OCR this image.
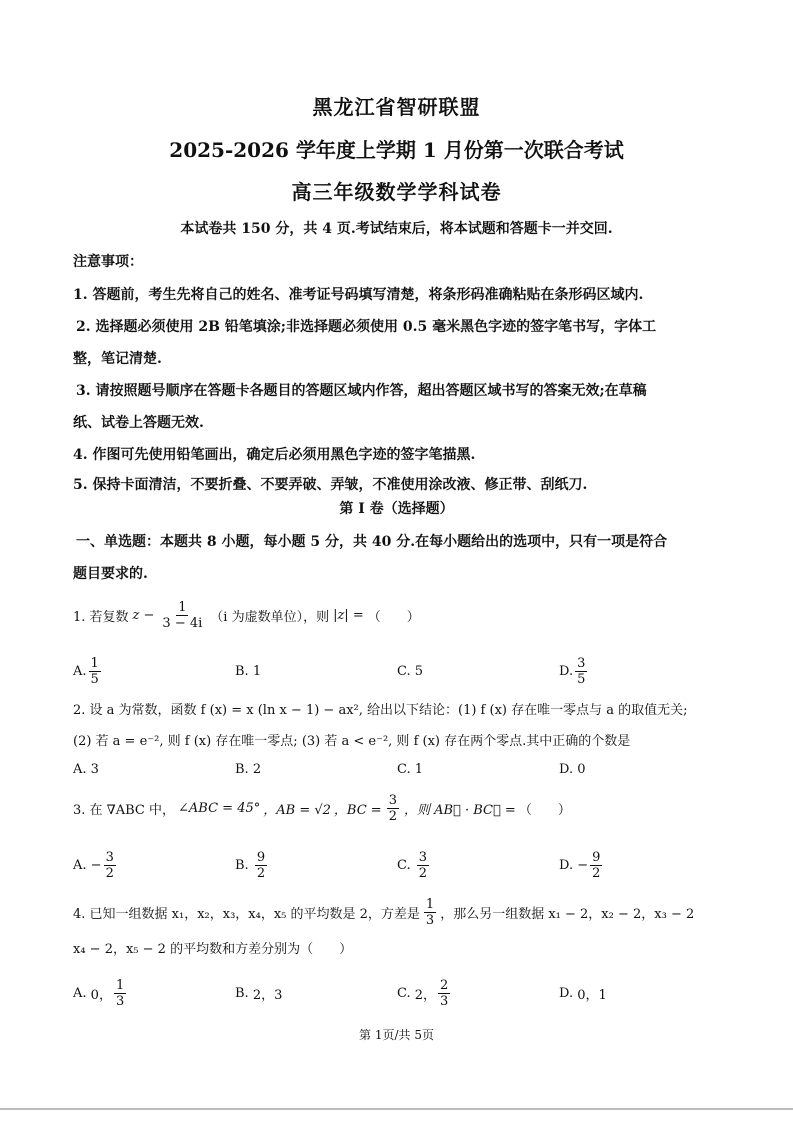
黑龙江省智研联盟
2025-2026 学年度上学期 1 月份第一次联合考试
高三年级数学学科试卷
本试卷共 150 分，共 4 页.考试结束后，将本试题和答题卡一并交回.
注意事项：
1. 答题前，考生先将自己的姓名、准考证号码填写清楚，将条形码准确粘贴在条形码区域内.
2. 选择题必须使用 2B 铅笔填涂;非选择题必须使用 0.5 毫米黑色字迹的签字笔书写，字体工
整，笔记清楚.
3. 请按照题号顺序在答题卡各题目的答题区域内作答，超出答题区域书写的答案无效;在草稿
纸、试卷上答题无效.
4. 作图可先使用铅笔画出，确定后必须用黑色字迹的签字笔描黑.
5. 保持卡面清洁，不要折叠、不要弄破、弄皱，不准使用涂改液、修正带、刮纸刀.
第 I 卷（选择题）
一、单选题：本题共 8 小题，每小题 5 分，共 40 分.在每小题给出的选项中，只有一项是符合
题目要求的.
1. 若复数 $z - \frac{1}{3 - 4i} (i$ 为虚数单位），则 |z| = （　　）
A. $\frac{1}{5}$	B.
1	C.
5	D. $\frac{3}{5}$
2. 设 a 为常数，函数 f (x) = x (ln x − 1) − ax², 给出以下结论：(1) f (x) 存在唯一零点与 a 的取值无关;
(2) 若 a = e⁻², 则 f (x) 存在唯一零点; (3) 若 a < e⁻², 则 f (x) 存在两个零点.其中正确的个数是
A. 3	B. 2	C. 1	D. 0
3. 在 ∇ABC 中， ∠ABC = 45° ，AB = √2 ，BC = $\frac{3}{2}$ ，则 AB⃗ · BC⃗ = （　　）
A.
− $\frac{3}{2}$	B.
$\frac{9}{2}$	C.
$\frac{3}{2}$	D.
− $\frac{9}{2}$
4. 已知一组数据 x₁，x₂，x₃，x₄，x₅ 的平均数是 2，方差是 $\frac{1}{3}$ ，那么另一组数据 x₁ − 2，x₂ − 2，x₃ − 2
x₄ − 2，x₅ − 2 的平均数和方差分别为（　　）
A.
0， $\frac{1}{3}$	B.
2，3	C.
2， $\frac{2}{3}$	D.
0，1
第 1页/共 5页
